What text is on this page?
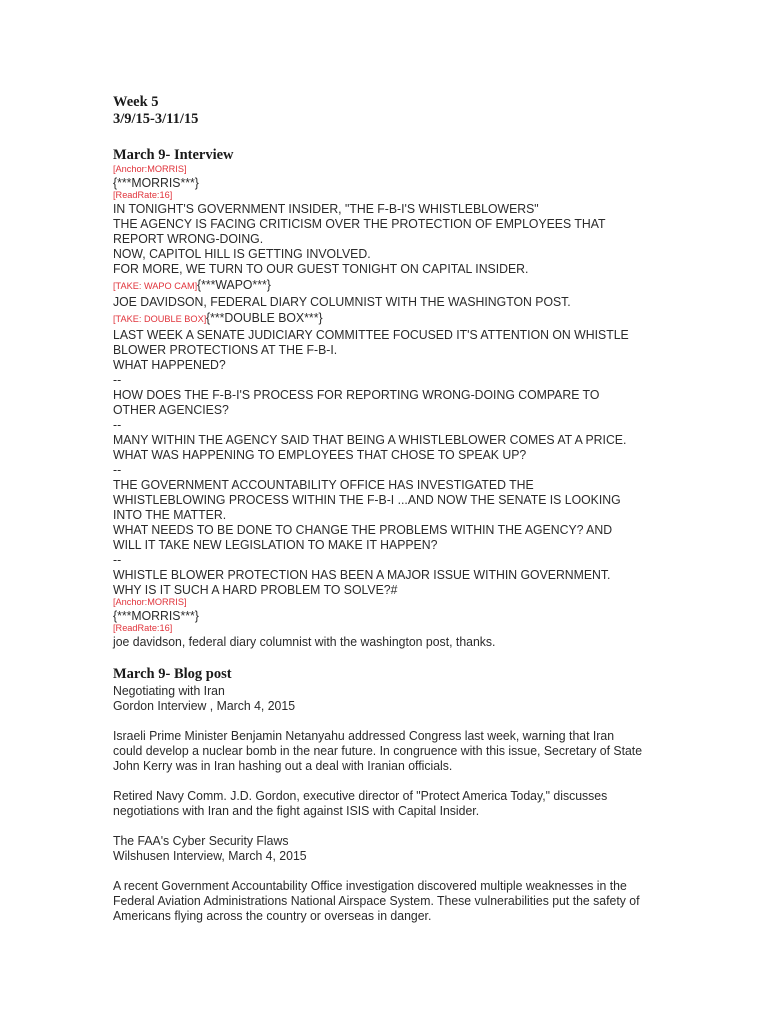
Week 5
3/9/15-3/11/15
March 9- Interview
[Anchor:MORRIS]
{***MORRIS***}
[ReadRate:16]
IN TONIGHT'S GOVERNMENT INSIDER, "THE F-B-I'S WHISTLEBLOWERS"
THE AGENCY IS FACING CRITICISM OVER THE PROTECTION OF EMPLOYEES THAT
REPORT WRONG-DOING.
NOW, CAPITOL HILL IS GETTING INVOLVED.
FOR MORE, WE TURN TO OUR GUEST TONIGHT ON CAPITAL INSIDER.
[TAKE: WAPO CAM]{***WAPO***}
JOE DAVIDSON, FEDERAL DIARY COLUMNIST WITH THE WASHINGTON POST.
[TAKE: DOUBLE BOX]{***DOUBLE BOX***}
LAST WEEK A SENATE JUDICIARY COMMITTEE FOCUSED IT'S ATTENTION ON WHISTLE
BLOWER PROTECTIONS AT THE F-B-I.
WHAT HAPPENED?
--
HOW DOES THE F-B-I'S PROCESS FOR REPORTING WRONG-DOING COMPARE TO
OTHER AGENCIES?
--
MANY WITHIN THE AGENCY SAID THAT BEING A WHISTLEBLOWER COMES AT A PRICE.
WHAT WAS HAPPENING TO EMPLOYEES THAT CHOSE TO SPEAK UP?
--
THE GOVERNMENT ACCOUNTABILITY OFFICE HAS INVESTIGATED THE
WHISTLEBLOWING PROCESS WITHIN THE F-B-I ...AND NOW THE SENATE IS LOOKING
INTO THE MATTER.
WHAT NEEDS TO BE DONE TO CHANGE THE PROBLEMS WITHIN THE AGENCY? AND
WILL IT TAKE NEW LEGISLATION TO MAKE IT HAPPEN?
--
WHISTLE BLOWER PROTECTION HAS BEEN A MAJOR ISSUE WITHIN GOVERNMENT.
WHY IS IT SUCH A HARD PROBLEM TO SOLVE?#
[Anchor:MORRIS]
{***MORRIS***}
[ReadRate:16]
joe davidson, federal diary columnist with the washington post, thanks.
March 9- Blog post
Negotiating with Iran
Gordon Interview , March 4, 2015
Israeli Prime Minister Benjamin Netanyahu addressed Congress last week, warning that Iran
could develop a nuclear bomb in the near future. In congruence with this issue, Secretary of State
John Kerry was in Iran hashing out a deal with Iranian officials.
Retired Navy Comm. J.D. Gordon, executive director of "Protect America Today," discusses
negotiations with Iran and the fight against ISIS with Capital Insider.
The FAA's Cyber Security Flaws
Wilshusen Interview, March 4, 2015
A recent Government Accountability Office investigation discovered multiple weaknesses in the
Federal Aviation Administrations National Airspace System. These vulnerabilities put the safety of
Americans flying across the country or overseas in danger.
